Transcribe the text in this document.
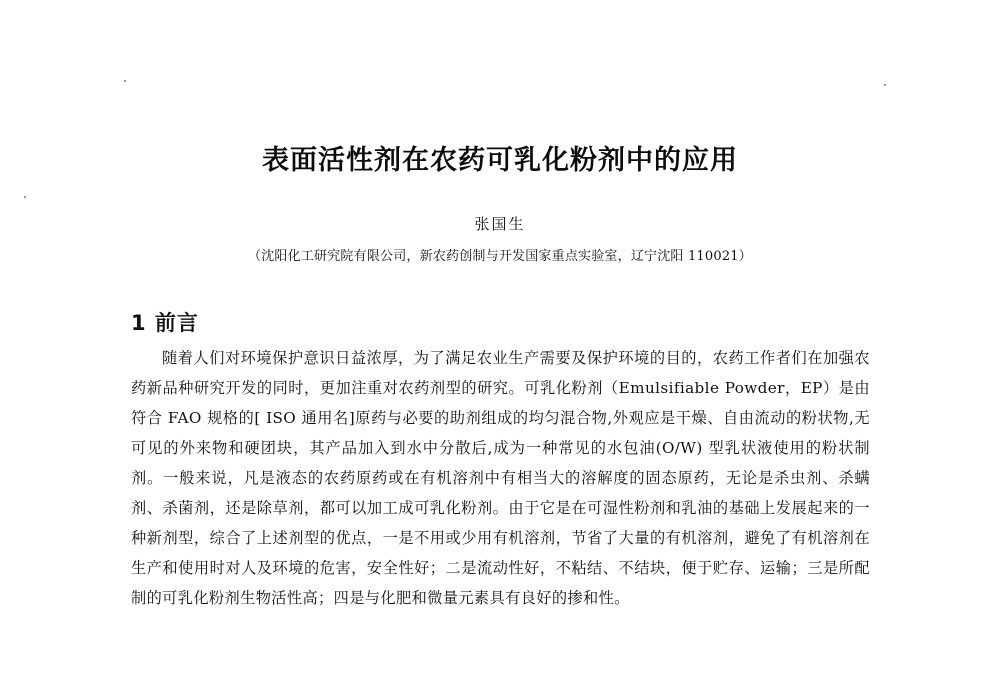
表面活性剂在农药可乳化粉剂中的应用
张国生
（沈阳化工研究院有限公司，新农药创制与开发国家重点实验室，辽宁沈阳 110021）
1 前言

随着人们对环境保护意识日益浓厚，为了满足农业生产需要及保护环境的目的，农药工作者们在加强农药新品种研究开发的同时，更加注重对农药剂型的研究。可乳化粉剂（Emulsifiable Powder，EP）是由符合 FAO 规格的[ ISO 通用名]原药与必要的助剂组成的均匀混合物,外观应是干燥、自由流动的粉状物,无可见的外来物和硬团块，其产品加入到水中分散后,成为一种常见的水包油(O/W) 型乳状液使用的粉状制剂。一般来说，凡是液态的农药原药或在有机溶剂中有相当大的溶解度的固态原药，无论是杀虫剂、杀螨剂、杀菌剂，还是除草剂，都可以加工成可乳化粉剂。由于它是在可湿性粉剂和乳油的基础上发展起来的一种新剂型，综合了上述剂型的优点，一是不用或少用有机溶剂，节省了大量的有机溶剂，避免了有机溶剂在生产和使用时对人及环境的危害，安全性好；二是流动性好，不粘结、不结块，便于贮存、运输；三是所配制的可乳化粉剂生物活性高；四是与化肥和微量元素具有良好的掺和性。
